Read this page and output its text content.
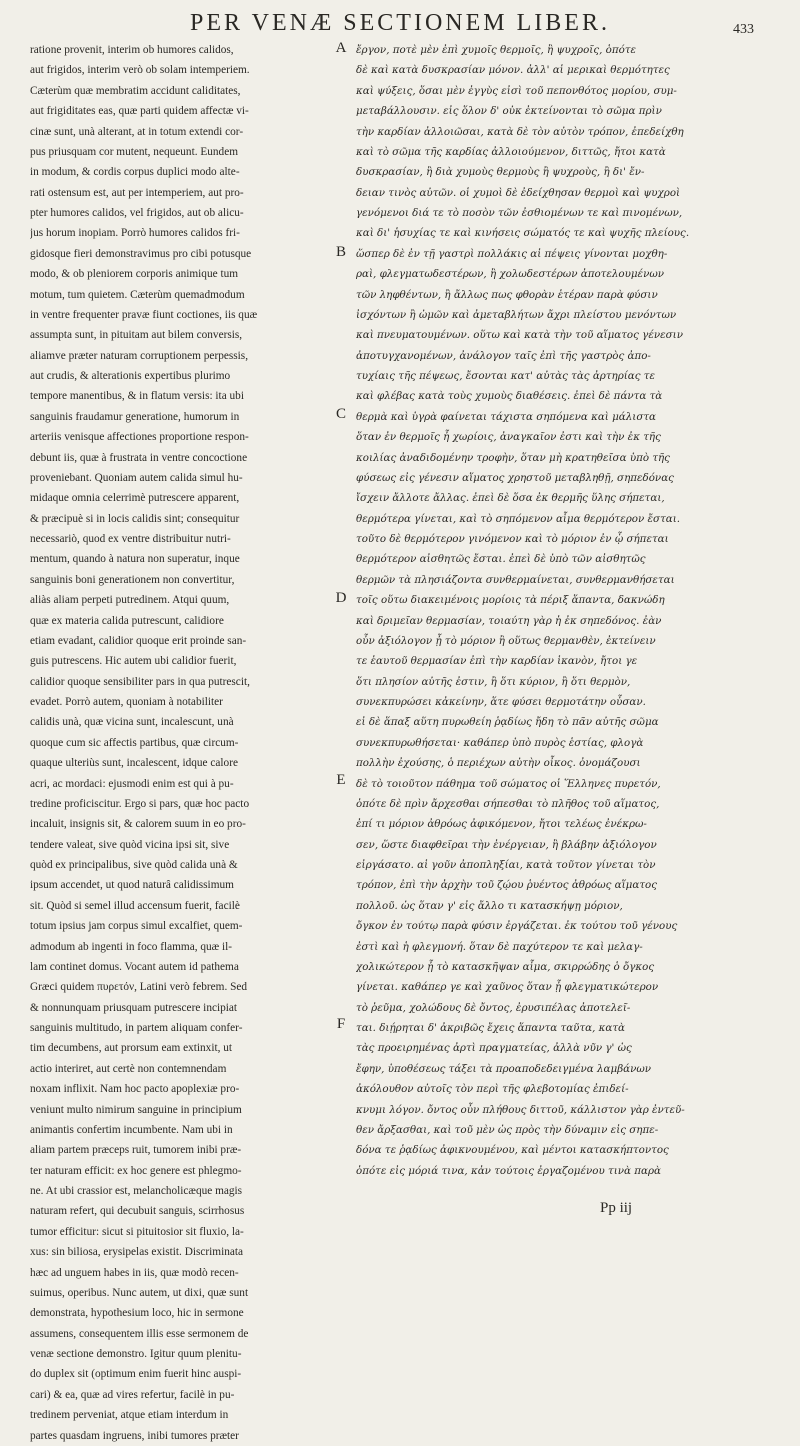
PER VENÆ SECTIONEM LIBER.	433
ratione provenit, interim ob humores calidos,
aut frigidos, interim verò ob solam intemperiem.
Cæterùm quæ membratim accidunt caliditates,
aut frigiditates eas, quæ parti quidem affectæ vi-
cinæ sunt, unà alterant, at in totum extendi cor-
pus priusquam cor mutent, nequeunt. Eundem
in modum, & cordis corpus duplici modo alte-
rati ostensum est, aut per intemperiem, aut pro-
pter humores calidos, vel frigidos, aut ob alicu-
jus horum inopiam. Porrò humores calidos fri-
gidosque fieri demonstravimus pro cibi potusque
modo, & ob pleniorem corporis animique tum
motum, tum quietem. Cæterùm quemadmodum
in ventre frequenter pravæ fiunt coctiones, iis quæ
assumpta sunt, in pituitam aut bilem conversis,
aliamve præter naturam corruptionem perpessis,
aut crudis, & alterationis expertibus plurimo
tempore manentibus, & in flatum versis: ita ubi
sanguinis fraudamur generatione, humorum in
arteriis venisque affectiones proportione respon-
debunt iis, quæ à frustrata in ventre concoctione
proveniebant. Quoniam autem calida simul hu-
midaque omnia celerrimè putrescere apparent,
& præcipuè si in locis calidis sint; consequitur
necessariò, quod ex ventre distribuitur nutri-
mentum, quando à natura non superatur, inque
sanguinis boni generationem non convertitur,
aliàs aliam perpeti putredinem. Atqui quum,
quæ ex materia calida putrescunt, calidiore
etiam evadant, calidior quoque erit proinde san-
guis putrescens. Hic autem ubi calidior fuerit,
calidior quoque sensibiliter pars in qua putrescit,
evadet. Porrò autem, quoniam à notabiliter
calidis unà, quæ vicina sunt, incalescunt, unà
quoque cum sic affectis partibus, quæ circum-
quaque ulteriùs sunt, incalescent, idque calore
acri, ac mordaci: ejusmodi enim est qui à pu-
tredine proficiscitur. Ergo si pars, quæ hoc pacto
incaluit, insignis sit, & calorem suum in eo pro-
tendere valeat, sive quòd vicina ipsi sit, sive
quòd ex principalibus, sive quòd calida unà &
ipsum accendet, ut quod naturâ calidissimum
sit. Quòd si semel illud accensum fuerit, facilè
totum ipsius jam corpus simul excalfiet, quem-
admodum ab ingenti in foco flamma, quæ il-
lam continet domus. Vocant autem id pathema
Græci quidem πυρετόν, Latini verò febrem. Sed
& nonnunquam priusquam putrescere incipiat
sanguinis multitudo, in partem aliquam confer-
tim decumbens, aut prorsum eam extinxit, ut
actio interiret, aut certè non contemnendam
noxam inflixit. Nam hoc pacto apoplexiæ pro-
veniunt multo nimirum sanguine in principium
animantis confertim incumbente. Nam ubi in
aliam partem præceps ruit, tumorem inibi præ-
ter naturam efficit: ex hoc genere est phlegmo-
ne. At ubi crassior est, melancholicæque magis
naturam refert, qui decubuit sanguis, scirrhosus
tumor efficitur: sicut si pituitosior sit fluxio, la-
xus: sin biliosa, erysipelas existit. Discriminata
hæc ad unguem habes in iis, quæ modò recen-
suimus, operibus. Nunc autem, ut dixi, quæ sunt
demonstrata, hypothesium loco, hic in sermone
assumens, consequentem illis esse sermonem de
venæ sectione demonstro. Igitur quum plenitu-
do duplex sit (optimum enim fuerit hinc auspi-
cari) & ea, quæ ad vires refertur, facilè in pu-
tredinem perveniat, atque etiam interdum in
partes quasdam ingruens, inibi tumores præter
A
B
C
D
E
F
ἔργον, ποτὲ μὲν ἐπὶ χυμοῖς θερμοῖς, ἢ ψυχροῖς, ὁπότε
δὲ καὶ κατὰ δυσκρασίαν μόνον. ἀλλ' αἱ μερικαὶ θερμότητες
καὶ ψύξεις, ὅσαι μὲν ἐγγὺς εἰσὶ τοῦ πεπονθότος μορίου, συμ-
μεταβάλλουσιν. εἰς ὅλον δ' οὐκ ἐκτείνονται τὸ σῶμα πρὶν
τὴν καρδίαν ἀλλοιῶσαι, κατὰ δὲ τὸν αὐτὸν τρόπον, ἐπεδείχθη
καὶ τὸ σῶμα τῆς καρδίας ἀλλοιούμενον, διττῶς, ἤτοι κατὰ
δυσκρασίαν, ἢ διὰ χυμοὺς θερμοὺς ἢ ψυχροὺς, ἢ δι' ἔν-
δειαν τινὸς αὐτῶν. οἱ χυμοὶ δὲ ἐδείχθησαν θερμοὶ καὶ ψυχροὶ
γενόμενοι διά τε τὸ ποσὸν τῶν ἐσθιομένων τε καὶ πινομένων,
καὶ δι' ἡσυχίας τε καὶ κινήσεις σώματός τε καὶ ψυχῆς πλείους.
ὥσπερ δὲ ἐν τῇ γαστρὶ πολλάκις αἱ πέψεις γίνονται μοχθη-
ραὶ, φλεγματωδεστέρων, ἢ χολωδεστέρων ἀποτελουμένων
τῶν ληφθέντων, ἢ ἄλλως πως φθορὰν ἑτέραν παρὰ φύσιν
ἰσχόντων ἢ ὠμῶν καὶ ἀμεταβλήτων ἄχρι πλείστου μενόντων
καὶ πνευματουμένων. οὕτω καὶ κατὰ τὴν τοῦ αἵματος γένεσιν
ἀποτυγχανομένων, ἀνάλογον ταῖς ἐπὶ τῆς γαστρὸς ἀπο-
τυχίαις τῆς πέψεως, ἔσονται κατ' αὐτὰς τὰς ἀρτηρίας τε
καὶ φλέβας κατὰ τοὺς χυμοὺς διαθέσεις. ἐπεὶ δὲ πάντα τὰ
θερμὰ καὶ ὑγρὰ φαίνεται τάχιστα σηπόμενα καὶ μάλιστα
ὅταν ἐν θερμοῖς ἦ χωρίοις, ἀναγκαῖον ἐστι καὶ τὴν ἐκ τῆς
κοιλίας ἀναδιδομένην τροφὴν, ὅταν μὴ κρατηθεῖσα ὑπὸ τῆς
φύσεως εἰς γένεσιν αἵματος χρηστοῦ μεταβληθῇ, σηπεδόνας
ἴσχειν ἄλλοτε ἄλλας. ἐπεὶ δὲ ὅσα ἐκ θερμῆς ὕλης σήπεται,
θερμότερα γίνεται, καὶ τὸ σηπόμενον αἷμα θερμότερον ἔσται.
τοῦτο δὲ θερμότερον γινόμενον καὶ τὸ μόριον ἐν ᾧ σήπεται
θερμότερον αἰσθητῶς ἔσται. ἐπεὶ δὲ ὑπὸ τῶν αἰσθητῶς
θερμῶν τὰ πλησιάζοντα συνθερμαίνεται, συνθερμανθήσεται
τοῖς οὕτω διακειμένοις μορίοις τὰ πέριξ ἅπαντα, δακνώδη
καὶ δριμεῖαν θερμασίαν, τοιαύτη γὰρ ἡ ἐκ σηπεδόνος. ἐὰν
οὖν ἀξιόλογον ᾖ τὸ μόριον ἢ οὕτως θερμανθὲν, ἐκτείνειν
τε ἑαυτοῦ θερμασίαν ἐπὶ τὴν καρδίαν ἱκανὸν, ἤτοι γε
ὅτι πλησίον αὐτῆς ἐστιν, ἢ ὅτι κύριον, ἢ ὅτι θερμὸν,
συνεκπυρώσει κἀκείνην, ἅτε φύσει θερμοτάτην οὖσαν.
εἰ δὲ ἅπαξ αὕτη πυρωθείη ῥᾳδίως ἤδη τὸ πᾶν αὐτῆς σῶμα
συνεκπυρωθήσεται· καθάπερ ὑπὸ πυρὸς ἑστίας, φλογὰ
πολλὴν ἐχούσης, ὁ περιέχων αὐτὴν οἶκος. ὀνομάζουσι
δὲ τὸ τοιοῦτον πάθημα τοῦ σώματος οἱ Ἕλληνες πυρετόν,
ὁπότε δὲ πρὶν ἄρχεσθαι σήπεσθαι τὸ πλῆθος τοῦ αἵματος,
ἐπί τι μόριον ἀθρόως ἀφικόμενον, ἤτοι τελέως ἐνέκρω-
σεν, ὥστε διαφθεῖραι τὴν ἐνέργειαν, ἢ βλάβην ἀξιόλογον
εἰργάσατο. αἱ γοῦν ἀποπληξίαι, κατὰ τοῦτον γίνεται τὸν
τρόπον, ἐπὶ τὴν ἀρχὴν τοῦ ζῴου ῥυέντος ἀθρόως αἵματος
πολλοῦ. ὡς ὅταν γ' εἰς ἄλλο τι κατασκήψῃ μόριον,
ὄγκον ἐν τούτῳ παρὰ φύσιν ἐργάζεται. ἐκ τούτου τοῦ γένους
ἐστὶ καὶ ἡ φλεγμονή. ὅταν δὲ παχύτερον τε καὶ μελαγ-
χολικώτερον ᾖ τὸ κατασκῆψαν αἷμα, σκιρρώδης ὁ ὄγκος
γίνεται. καθάπερ γε καὶ χαῦνος ὅταν ᾖ φλεγματικώτερον
τὸ ῥεῦμα, χολώδους δὲ ὄντος, ἐρυσιπέλας ἀποτελεῖ-
ται. διῄρηται δ' ἀκριβῶς ἔχεις ἅπαντα ταῦτα, κατὰ
τὰς προειρημένας ἀρτὶ πραγματείας, ἀλλὰ νῦν γ' ὡς
ἔφην, ὑποθέσεως τάξει τὰ προαποδεδειγμένα λαμβάνων
ἀκόλουθον αὐτοῖς τὸν περὶ τῆς φλεβοτομίας ἐπιδεί-
κνυμι λόγον. ὄντος οὖν πλήθους διττοῦ, κάλλιστον γὰρ ἐντεῦ-
θεν ἄρξασθαι, καὶ τοῦ μὲν ὡς πρὸς τὴν δύναμιν εἰς σηπε-
δόνα τε ῥᾳδίως ἀφικνουμένου, καὶ μέντοι κατασκήπτοντος
ὁπότε εἰς μόριά τινα, κἀν τούτοις ἐργαζομένου τινὰ παρὰ
Pp iij
